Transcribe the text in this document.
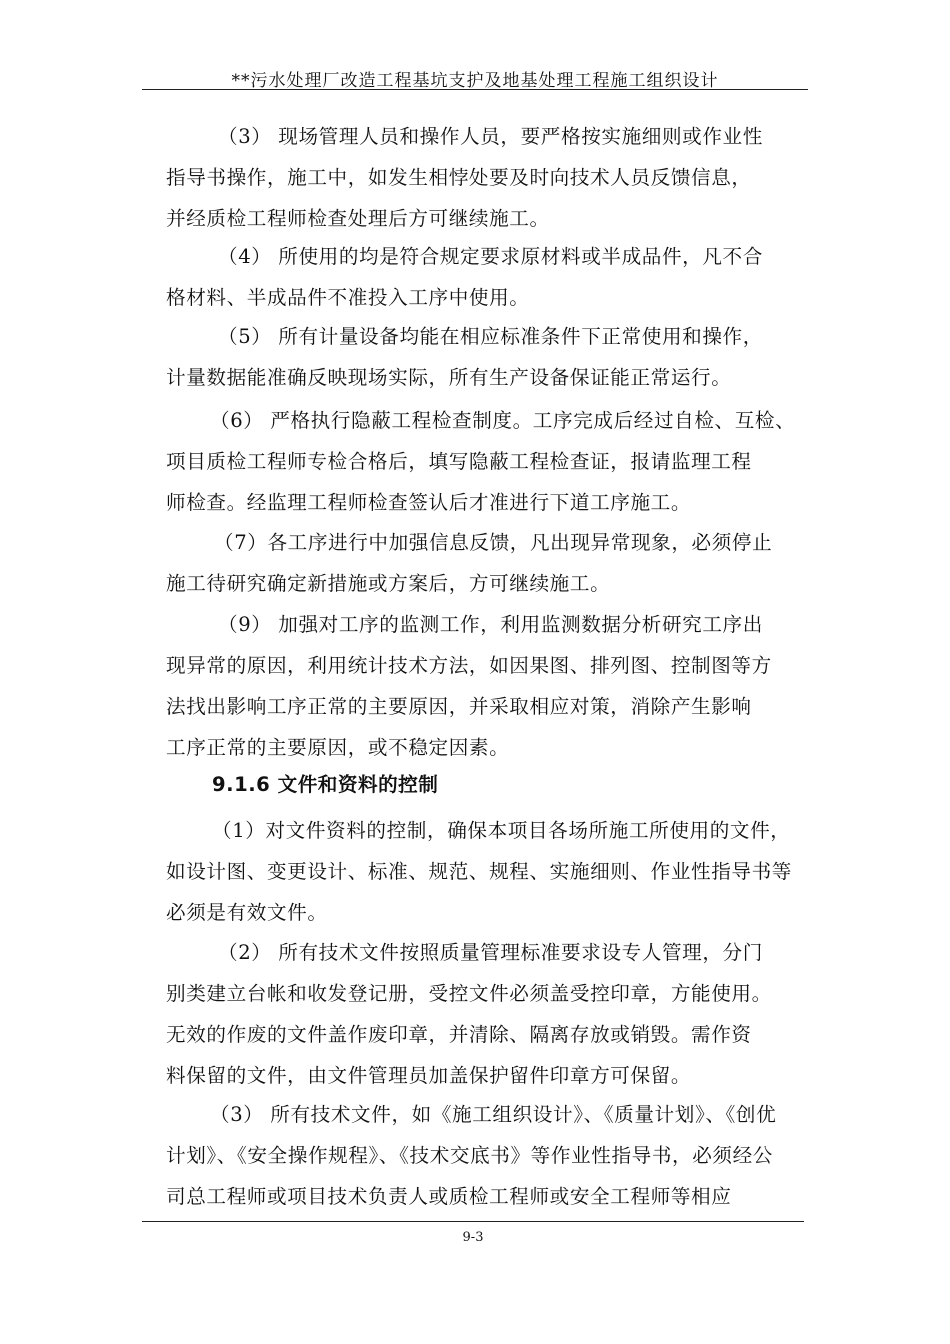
**污水处理厂改造工程基坑支护及地基处理工程施工组织设计
（3） 现场管理人员和操作人员，要严格按实施细则或作业性
指导书操作，施工中，如发生相悖处要及时向技术人员反馈信息，
并经质检工程师检查处理后方可继续施工。
（4） 所使用的均是符合规定要求原材料或半成品件，凡不合
格材料、半成品件不准投入工序中使用。
（5） 所有计量设备均能在相应标准条件下正常使用和操作，
计量数据能准确反映现场实际，所有生产设备保证能正常运行。
（6） 严格执行隐蔽工程检查制度。工序完成后经过自检、互检、
项目质检工程师专检合格后，填写隐蔽工程检查证，报请监理工程
师检查。经监理工程师检查签认后才准进行下道工序施工。
（7）各工序进行中加强信息反馈，凡出现异常现象，必须停止
施工待研究确定新措施或方案后，方可继续施工。
（9） 加强对工序的监测工作，利用监测数据分析研究工序出
现异常的原因，利用统计技术方法，如因果图、排列图、控制图等方
法找出影响工序正常的主要原因，并采取相应对策，消除产生影响
工序正常的主要原因，或不稳定因素。
9.1.6 文件和资料的控制
（1）对文件资料的控制，确保本项目各场所施工所使用的文件，
如设计图、变更设计、标准、规范、规程、实施细则、作业性指导书等
必须是有效文件。
（2） 所有技术文件按照质量管理标准要求设专人管理，分门
别类建立台帐和收发登记册，受控文件必须盖受控印章，方能使用。
无效的作废的文件盖作废印章，并清除、隔离存放或销毁。需作资
料保留的文件，由文件管理员加盖保护留件印章方可保留。
（3） 所有技术文件，如《施工组织设计》、《质量计划》、《创优
计划》、《安全操作规程》、《技术交底书》等作业性指导书，必须经公
司总工程师或项目技术负责人或质检工程师或安全工程师等相应
9-3
